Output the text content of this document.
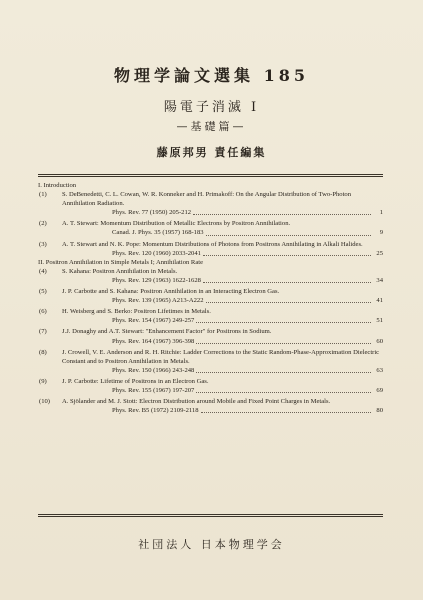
物理学論文選集 185
陽電子消滅 I
—基礎篇—
藤原邦男 責任編集
I. Introduction
(1) S. DeBenedetti, C. L. Cowan, W. R. Konneker and H. Primakoff: On the Angular Distribution of Two-Photon Annihilation Radiation.
Phys. Rev. 77 (1950) 205-212	1
(2) A. T. Stewart: Momentum Distribution of Metallic Electrons by Positron Annihilation.
Canad. J. Phys. 35 (1957) 168-183	9
(3) A. T. Stewart and N. K. Pope: Momentum Distributions of Photons from Positrons Annihilating in Alkali Halides.
Phys. Rev. 120 (1960) 2033-2041	25
II. Positron Annihilation in Simple Metals I; Annihilation Rate
(4) S. Kahana: Positron Annihilation in Metals.
Phys. Rev. 129 (1963) 1622-1628	34
(5) J. P. Carbotte and S. Kahana: Positron Annihilation in an Interacting Electron Gas.
Phys. Rev. 139 (1965) A213-A222	41
(6) H. Weisberg and S. Berko: Positron Lifetimes in Metals.
Phys. Rev. 154 (1967) 249-257	51
(7) J.J. Donaghy and A.T. Stewart: "Enhancement Factor" for Positrons in Sodium.
Phys. Rev. 164 (1967) 396-398	60
(8) J. Crowell, V. E. Anderson and R. H. Ritchie: Ladder Corrections to the Static Random-Phase-Approximation Dielectric Constant and to Positron Annihilation in Metals.
Phys. Rev. 150 (1966) 243-248	63
(9) J. P. Carbotte: Lifetime of Positrons in an Electron Gas.
Phys. Rev. 155 (1967) 197-207	69
(10) A. Sjölander and M. J. Stott: Electron Distribution around Mobile and Fixed Point Charges in Metals.
Phys. Rev. B5 (1972) 2109-2118	80
社団法人 日本物理学会
